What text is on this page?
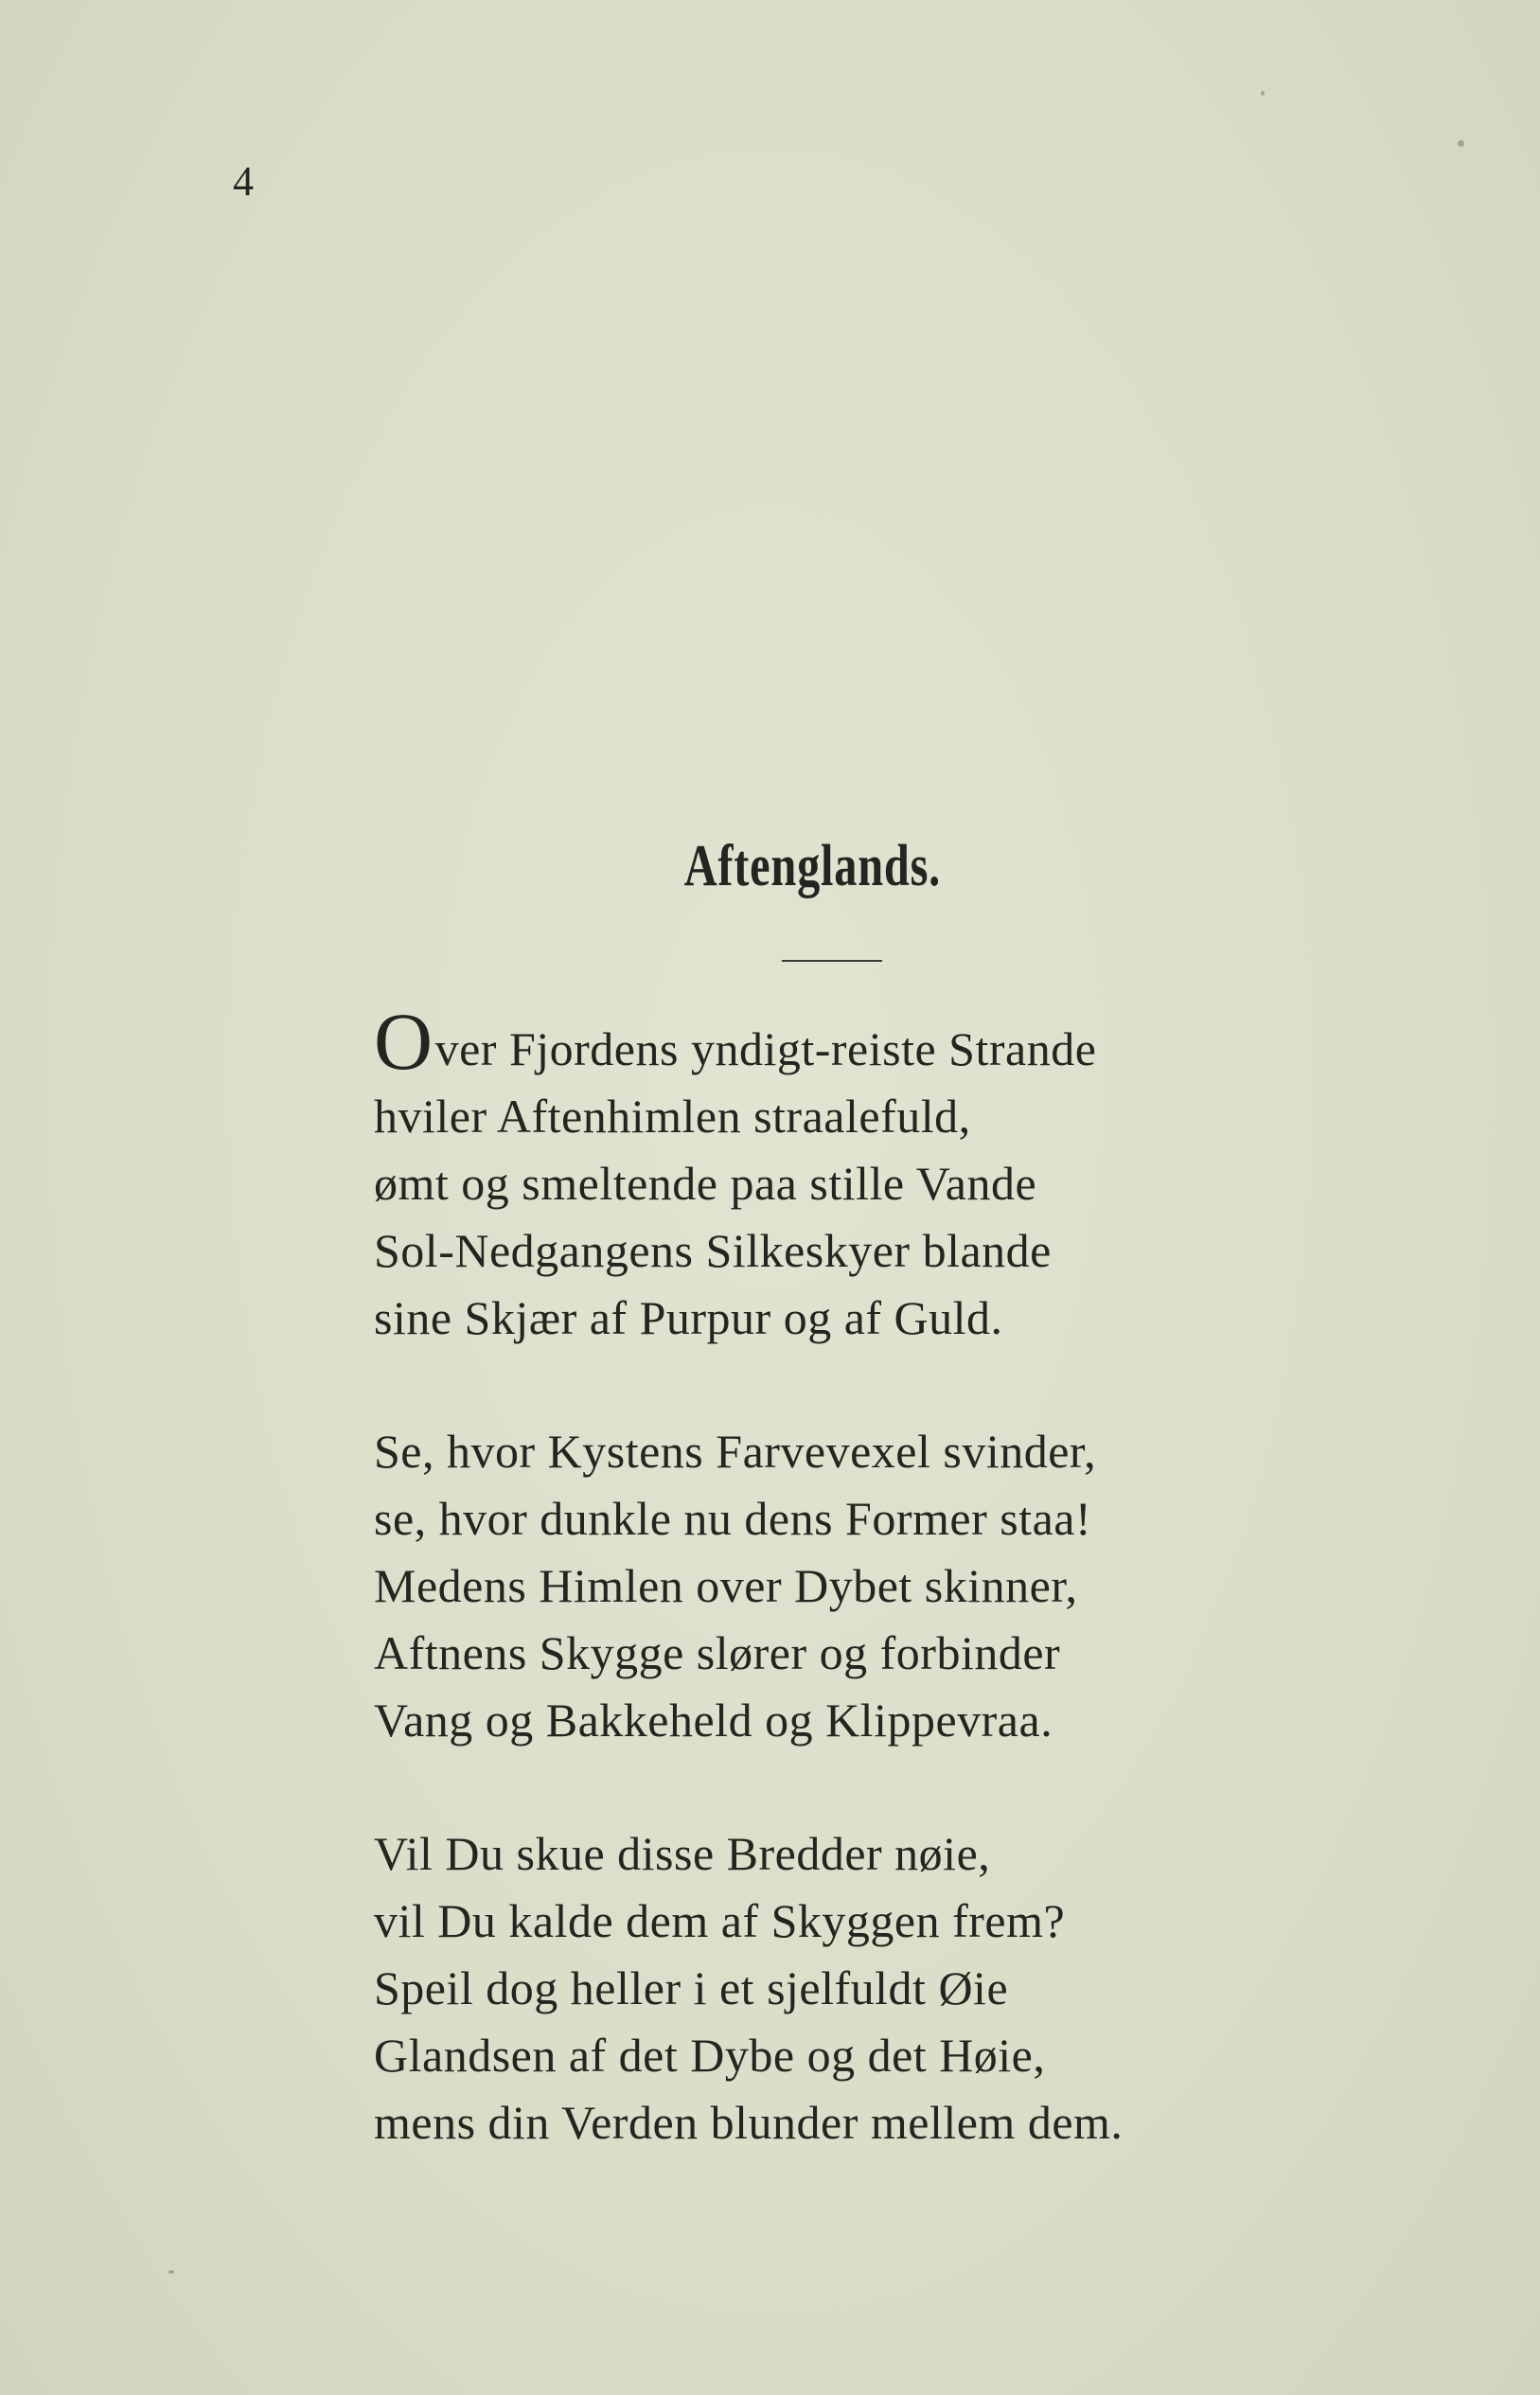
4
Aftenglands.
Over Fjordens yndigt-reiste Strande
hviler Aftenhimlen straalefuld,
ømt og smeltende paa stille Vande
Sol-Nedgangens Silkeskyer blande
sine Skjær af Purpur og af Guld.
Se, hvor Kystens Farvevexel svinder,
se, hvor dunkle nu dens Former staa!
Medens Himlen over Dybet skinner,
Aftnens Skygge slører og forbinder
Vang og Bakkeheld og Klippevraa.
Vil Du skue disse Bredder nøie,
vil Du kalde dem af Skyggen frem?
Speil dog heller i et sjelfuldt Øie
Glandsen af det Dybe og det Høie,
mens din Verden blunder mellem dem.
